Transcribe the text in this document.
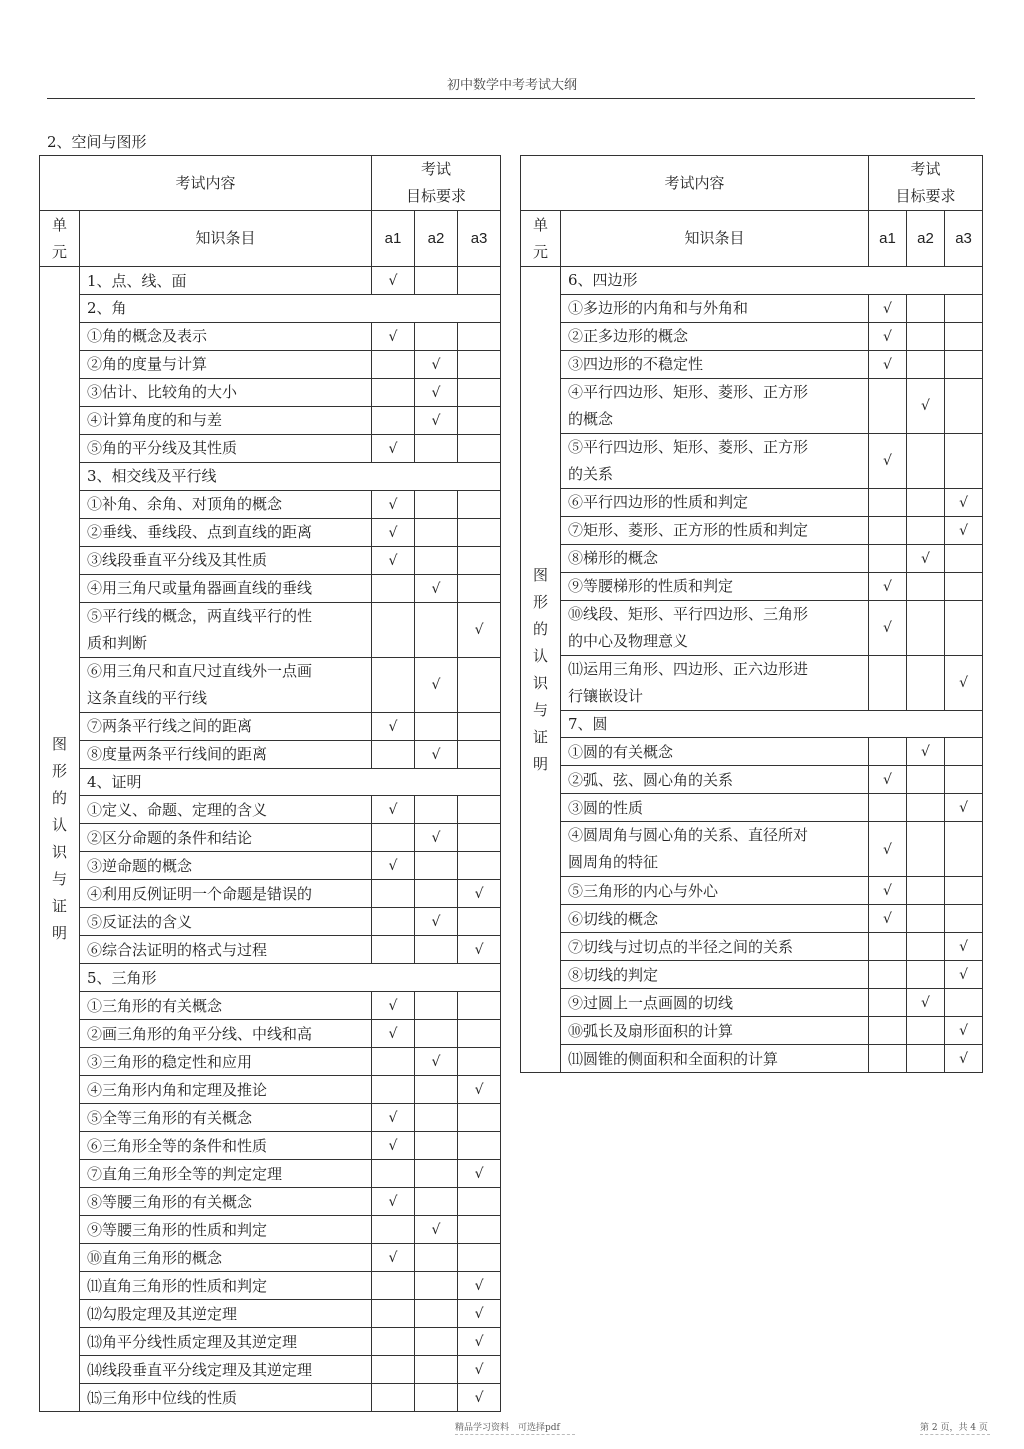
初中数学中考考试大纲
2、空间与图形
考试内容		考试
目标要求		

单元	知识条目	a1	a2	a3
图形的认识与证明	1、点、线、面	√		
	2、角			

	①角的概念及表示	√		

	②角的度量与计算		√	

	③估计、比较角的大小		√	

	④计算角度的和与差		√	

	⑤角的平分线及其性质	√		
	3、相交线及平行线			

	①补角、余角、对顶角的概念	√		

	②垂线、垂线段、点到直线的距离	√		

	③线段垂直平分线及其性质	√		

	④用三角尺或量角器画直线的垂线		√	

	⑤平行线的概念，两直线平行的性
质和判断			√

	⑥用三角尺和直尺过直线外一点画
这条直线的平行线		√	

	⑦两条平行线之间的距离	√		

	⑧度量两条平行线间的距离		√	
	4、证明			

	①定义、命题、定理的含义	√		

	②区分命题的条件和结论		√	

	③逆命题的概念	√		

	④利用反例证明一个命题是错误的			√

	⑤反证法的含义		√	

	⑥综合法证明的格式与过程			√
	5、三角形			

	①三角形的有关概念	√		

	②画三角形的角平分线、中线和高	√		

	③三角形的稳定性和应用		√	

	④三角形内角和定理及推论			√

	⑤全等三角形的有关概念	√		

	⑥三角形全等的条件和性质	√		

	⑦直角三角形全等的判定定理			√

	⑧等腰三角形的有关概念	√		

	⑨等腰三角形的性质和判定		√	

	⑩直角三角形的概念	√		

	⑾直角三角形的性质和判定			√

	⑿勾股定理及其逆定理			√

	⒀角平分线性质定理及其逆定理			√

	⒁线段垂直平分线定理及其逆定理			√

	⒂三角形中位线的性质			√
考试内容		考试
目标要求		

单元	知识条目	a1	a2	a3
图形的认识与证明	6、四边形			

	①多边形的内角和与外角和	√		

	②正多边形的概念	√		

	③四边形的不稳定性	√		

	④平行四边形、矩形、菱形、正方形
的概念		√	

	⑤平行四边形、矩形、菱形、正方形
的关系	√		

	⑥平行四边形的性质和判定			√

	⑦矩形、菱形、正方形的性质和判定			√

	⑧梯形的概念		√	

	⑨等腰梯形的性质和判定	√		

	⑩线段、矩形、平行四边形、三角形
的中心及物理意义	√		

	⑾运用三角形、四边形、正六边形进
行镶嵌设计			√
	7、圆			

	①圆的有关概念		√	

	②弧、弦、圆心角的关系	√		

	③圆的性质			√

	④圆周角与圆心角的关系、直径所对
圆周角的特征	√		

	⑤三角形的内心与外心	√		

	⑥切线的概念	√		

	⑦切线与过切点的半径之间的关系			√

	⑧切线的判定			√

	⑨过圆上一点画圆的切线		√	

	⑩弧长及扇形面积的计算			√

	⑾圆锥的侧面积和全面积的计算			√
精品学习资料　可选择pdf	第 2 页，共 4 页
